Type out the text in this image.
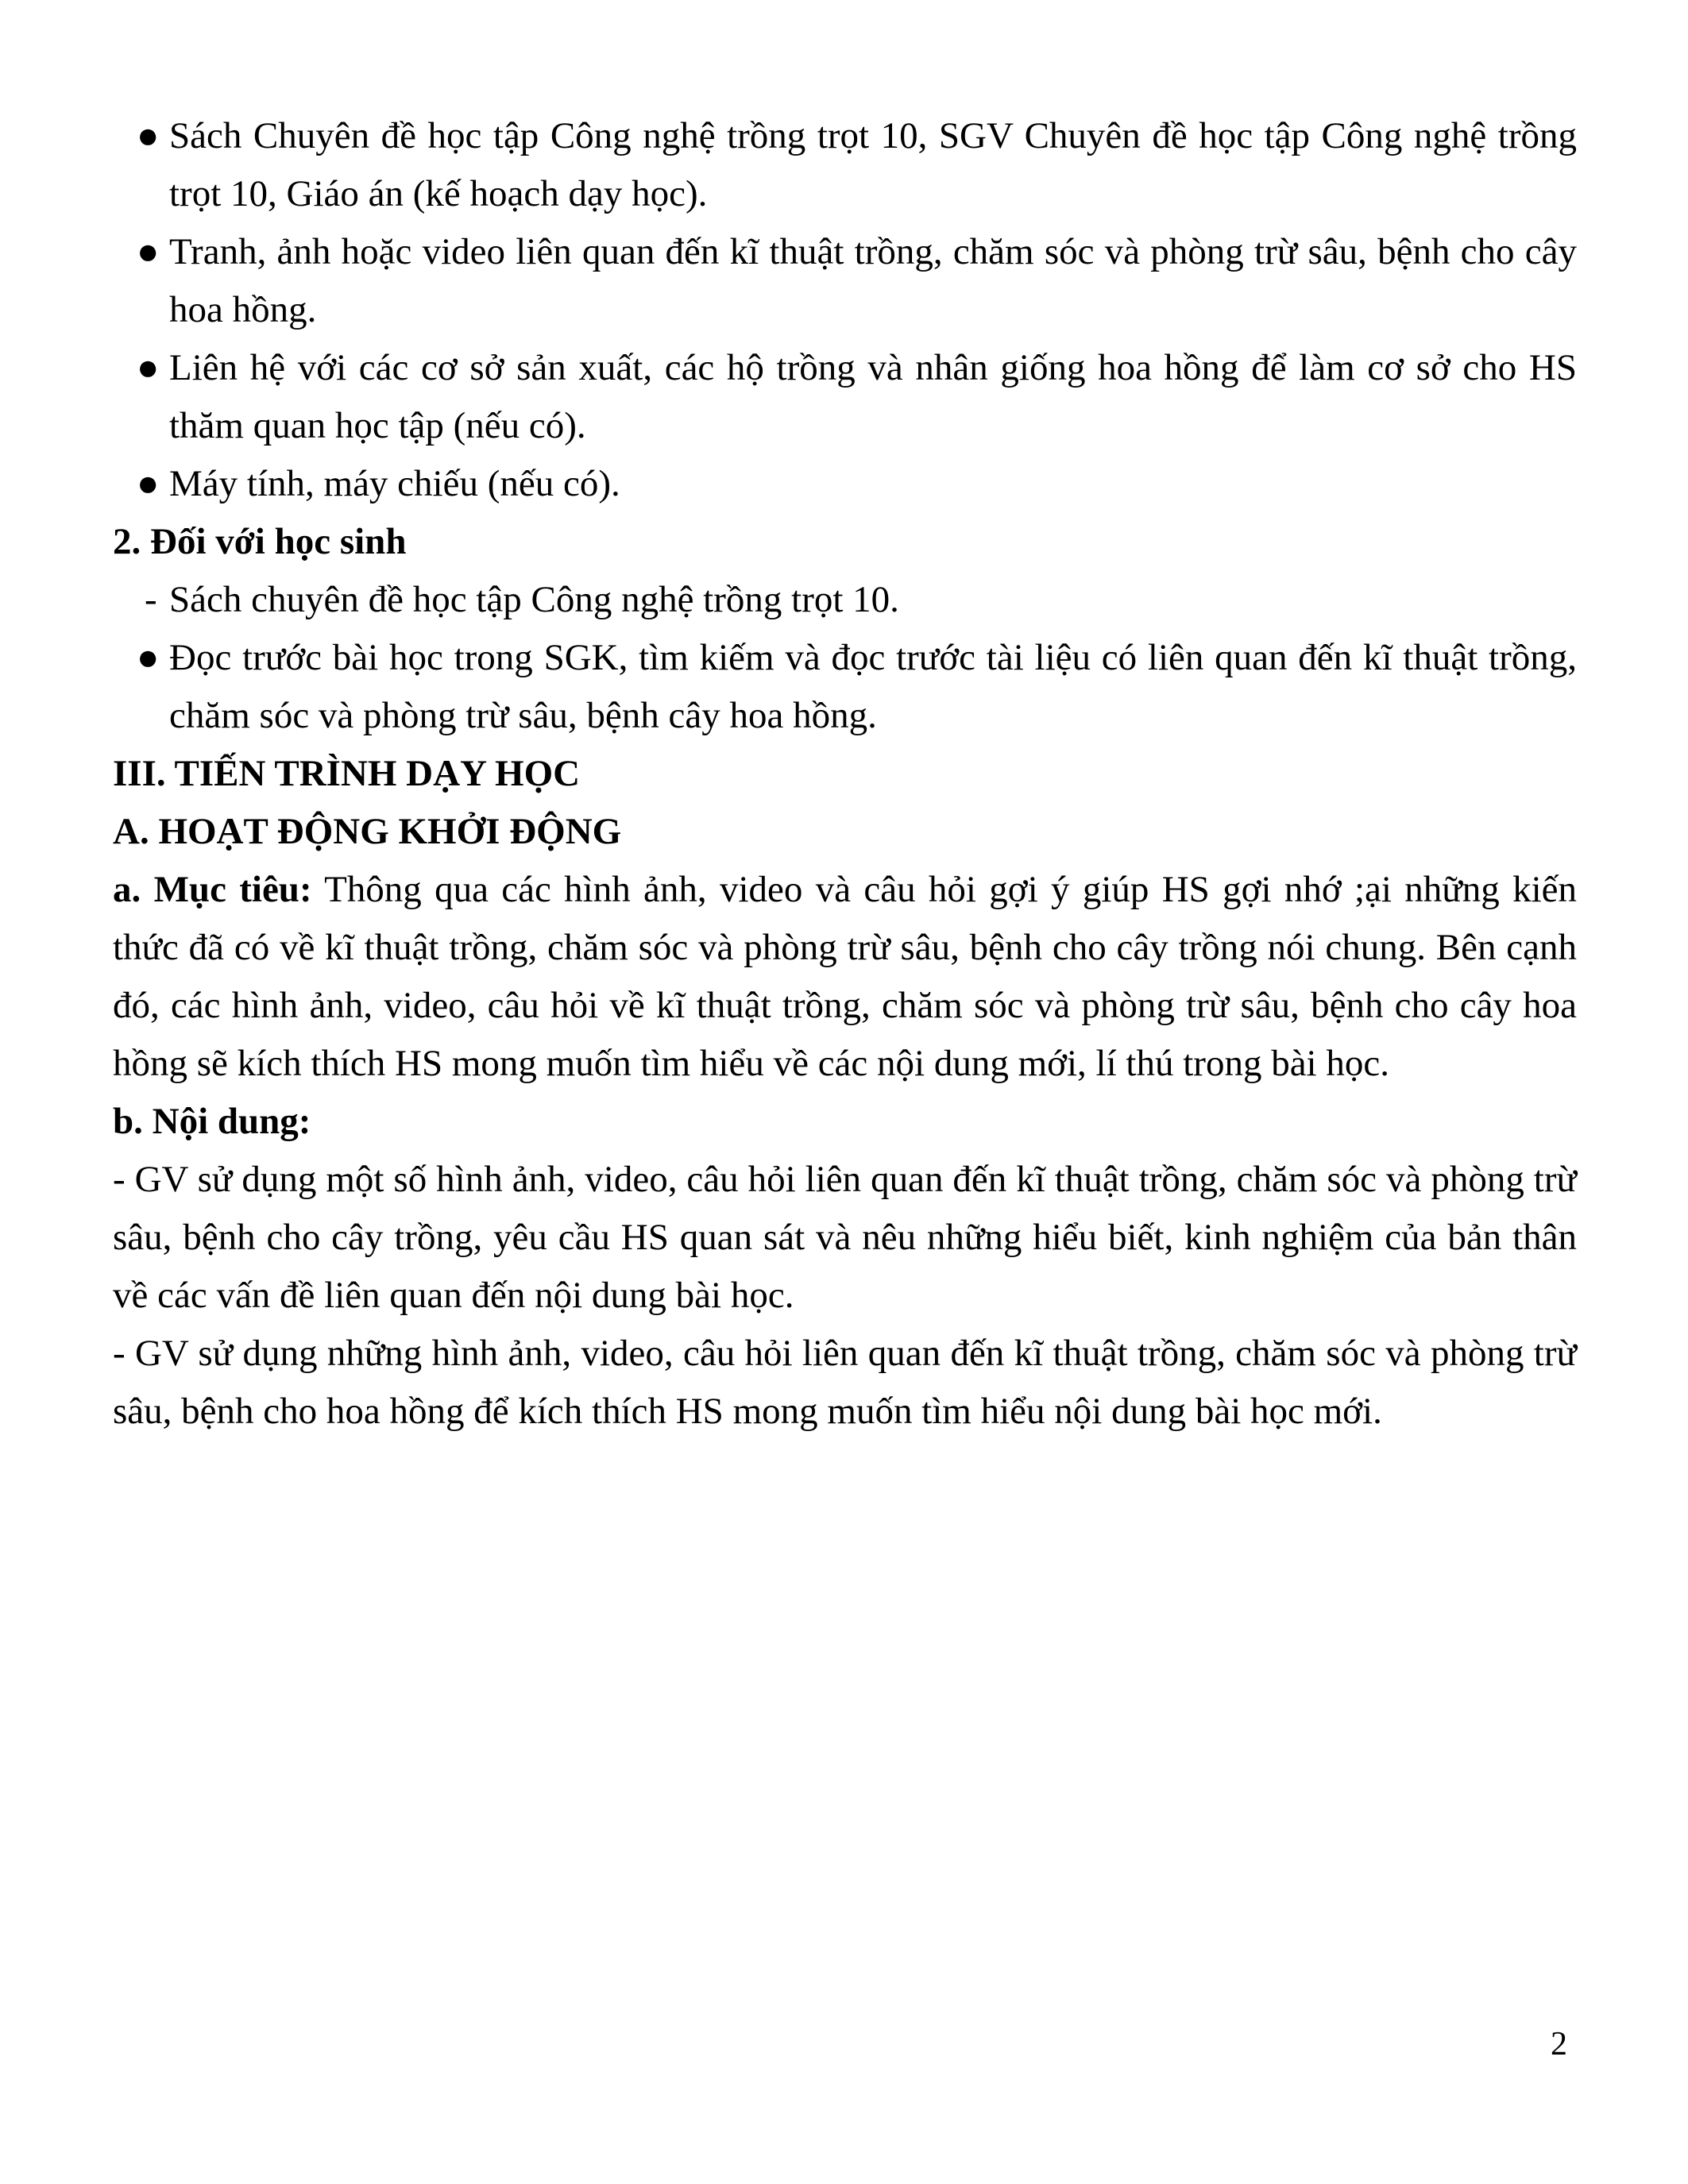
● Sách Chuyên đề học tập Công nghệ trồng trọt 10, SGV Chuyên đề học tập Công nghệ trồng trọt 10, Giáo án (kế hoạch dạy học).
● Tranh, ảnh hoặc video liên quan đến kĩ thuật trồng, chăm sóc và phòng trừ sâu, bệnh cho cây hoa hồng.
● Liên hệ với các cơ sở sản xuất, các hộ trồng và nhân giống hoa hồng để làm cơ sở cho HS thăm quan học tập (nếu có).
● Máy tính, máy chiếu (nếu có).

2. Đối với học sinh

- Sách chuyên đề học tập Công nghệ trồng trọt 10.
● Đọc trước bài học trong SGK, tìm kiếm và đọc trước tài liệu có liên quan đến kĩ thuật trồng, chăm sóc và phòng trừ sâu, bệnh cây hoa hồng.

III. TIẾN TRÌNH DẠY HỌC

A. HOẠT ĐỘNG KHỞI ĐỘNG

a. Mục tiêu: Thông qua các hình ảnh, video và câu hỏi gợi ý giúp HS gợi nhớ ;ại những kiến thức đã có về kĩ thuật trồng, chăm sóc và phòng trừ sâu, bệnh cho cây trồng nói chung. Bên cạnh đó, các hình ảnh, video, câu hỏi về kĩ thuật trồng, chăm sóc và phòng trừ sâu, bệnh cho cây hoa hồng sẽ kích thích HS mong muốn tìm hiểu về các nội dung mới, lí thú trong bài học.

b. Nội dung:

- GV sử dụng một số hình ảnh, video, câu hỏi liên quan đến kĩ thuật trồng, chăm sóc và phòng trừ sâu, bệnh cho cây trồng, yêu cầu HS quan sát và nêu những hiểu biết, kinh nghiệm của bản thân về các vấn đề liên quan đến nội dung bài học.

- GV sử dụng những hình ảnh, video, câu hỏi liên quan đến kĩ thuật trồng, chăm sóc và phòng trừ sâu, bệnh cho hoa hồng để kích thích HS mong muốn tìm hiểu nội dung bài học mới.

2
